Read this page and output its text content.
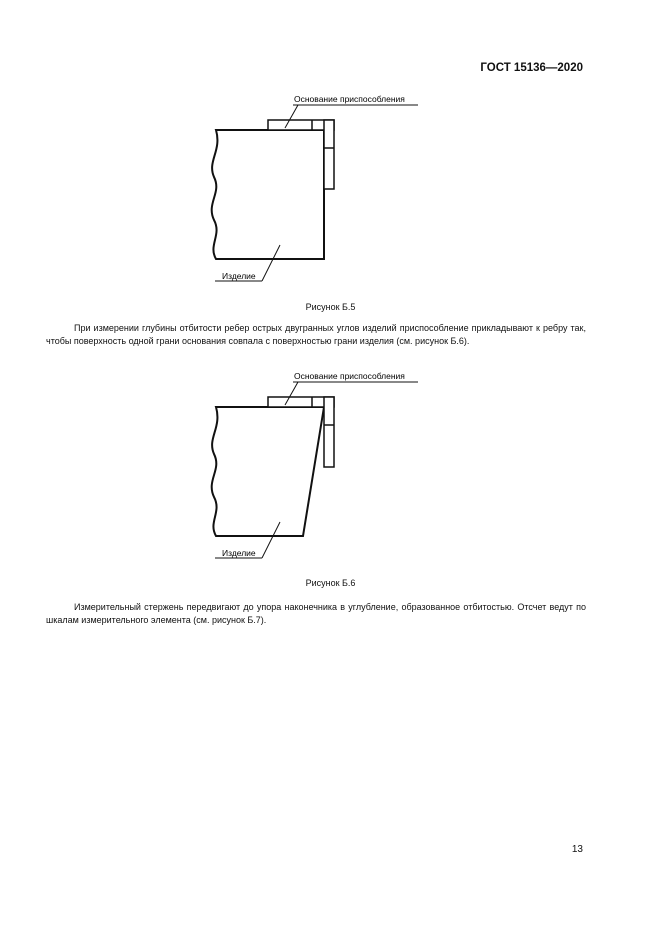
ГОСТ 15136—2020
Основание приспособления
Изделие
Рисунок Б.5
При измерении глубины отбитости ребер острых двугранных углов изделий приспособление прикладывают к ребру так, чтобы поверхность одной грани основания совпала с поверхностью грани изделия (см. рисунок Б.6).
Основание приспособления
Изделие
Рисунок Б.6
Измерительный стержень передвигают до упора наконечника в углубление, образованное отбитостью. Отсчет ведут по шкалам измерительного элемента (см. рисунок Б.7).
13
